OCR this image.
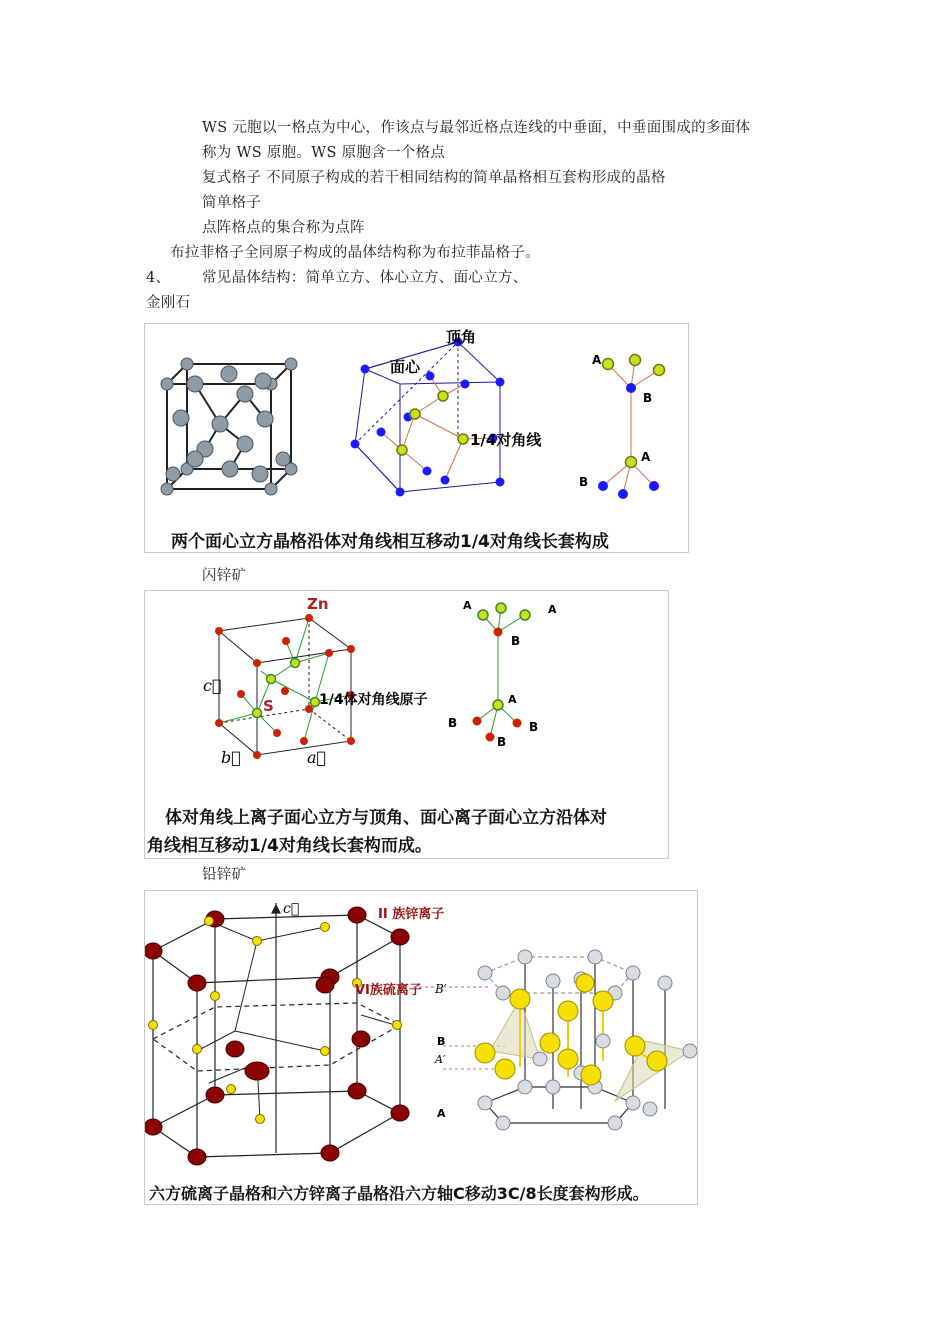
WS 元胞以一格点为中心，作该点与最邻近格点连线的中垂面，中垂面围成的多面体
称为 WS 原胞。WS 原胞含一个格点
复式格子 不同原子构成的若干相同结构的简单晶格相互套构形成的晶格
简单格子
点阵格点的集合称为点阵
布拉菲格子全同原子构成的晶体结构称为布拉菲晶格子。
4、 常见晶体结构：简单立方、体心立方、面心立方、
金刚石
顶角
面心
1/4对角线
A
B
A
B
两个面心立方晶格沿体对角线相互移动1/4对角线长套构成
闪锌矿
Zn
S
c⃗
b⃗	a⃗
1/4体对角线原子
A	A
B
A
B	B
B
体对角线上离子面心立方与顶角、面心离子面心立方沿体对
角线相互移动1/4对角线长套构而成。
铅锌矿
c⃗	II 族锌离子
VI族硫离子 B′
B
A′
A
六方硫离子晶格和六方锌离子晶格沿六方轴C移动3C/8长度套构形成。
